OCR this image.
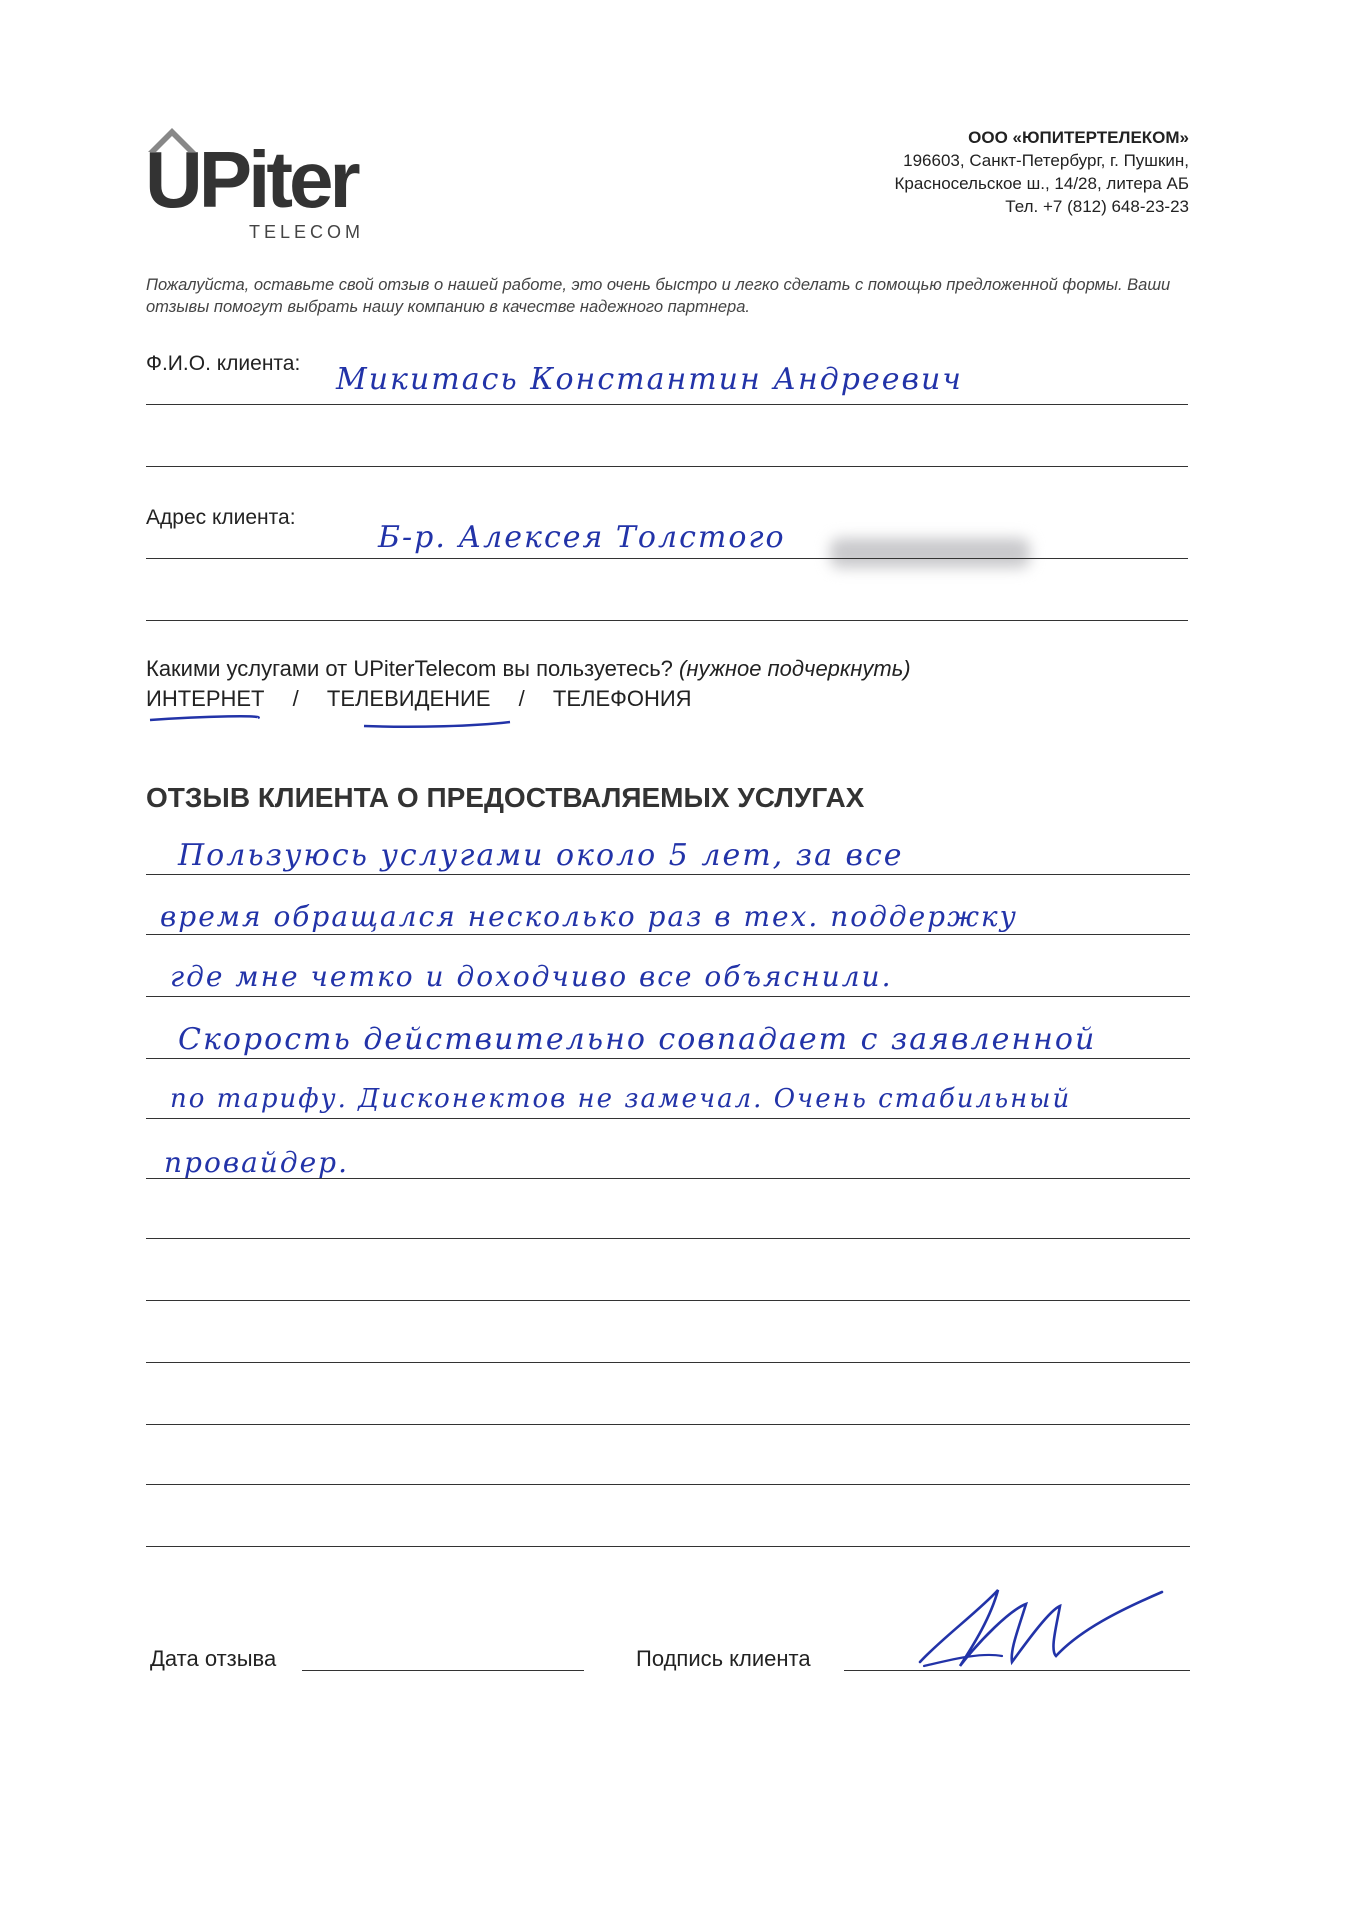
UPiter
TELECOM
ООО «ЮПИТЕРТЕЛЕКОМ»
196603, Санкт-Петербург, г. Пушкин,
Красносельское ш., 14/28, литера АБ
Тел. +7 (812) 648-23-23
Пожалуйста, оставьте свой отзыв о нашей работе, это очень быстро и легко сделать с помощью предложенной формы. Ваши отзывы помогут выбрать нашу компанию в качестве надежного партнера.
Ф.И.О. клиента: Микитась Константин Андреевич
Адрес клиента:
Б-р. Алексея Толстого
Какими услугами от UPiterTelecom вы пользуетесь? (нужное подчеркнуть)
ИНТЕРНЕТ / ТЕЛЕВИДЕНИЕ / ТЕЛЕФОНИЯ
ОТЗЫВ КЛИЕНТА О ПРЕДОСТВАЛЯЕМЫХ УСЛУГАХ
Пользуюсь услугами около 5 лет, за все
время обращался несколько раз в тех. поддержку
где мне четко и доходчиво все объяснили.
Скорость действительно совпадает с заявленной
по тарифу. Дисконектов не замечал. Очень стабильный
провайдер.
Дата отзыва	Подпись клиента
